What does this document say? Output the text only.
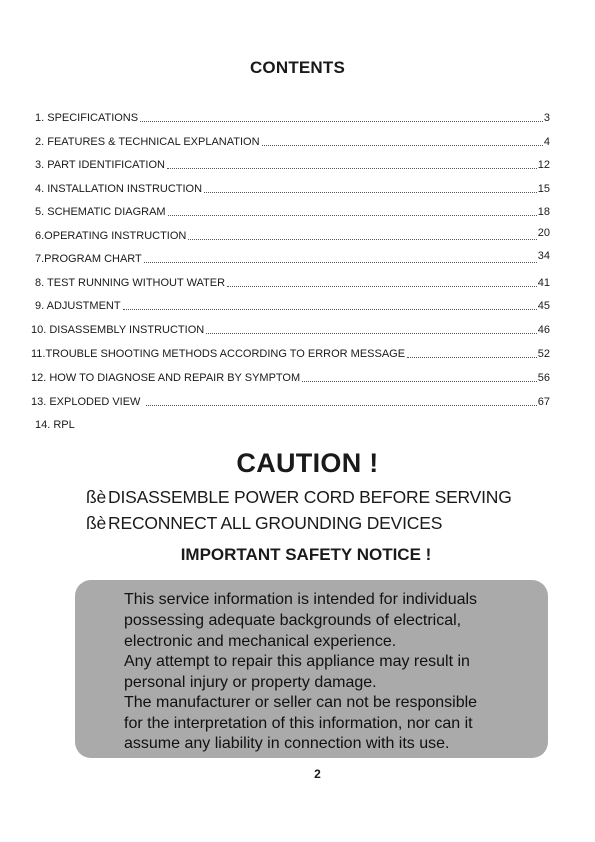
CONTENTS
1. SPECIFICATIONS	3
2. FEATURES & TECHNICAL EXPLANATION	4
3. PART IDENTIFICATION	12
4. INSTALLATION INSTRUCTION	15
5. SCHEMATIC DIAGRAM	18
6.OPERATING INSTRUCTION	20
7.PROGRAM CHART	34
8. TEST RUNNING WITHOUT WATER	41
9. ADJUSTMENT	45
10. DISASSEMBLY INSTRUCTION	46
11.TROUBLE SHOOTING METHODS ACCORDING TO ERROR MESSAGE	52
12. HOW TO DIAGNOSE AND REPAIR BY SYMPTOM	56
13. EXPLODED VIEW	67
14. RPL
CAUTION !
ßè DISASSEMBLE POWER CORD BEFORE SERVING
ßè RECONNECT ALL GROUNDING DEVICES
IMPORTANT SAFETY NOTICE !
This service information is intended for individuals
possessing adequate backgrounds of electrical,
electronic and mechanical experience.
Any attempt to repair this appliance may result in
personal injury or property damage.
The manufacturer or seller can not be responsible
for the interpretation of this information, nor can it
assume any liability in connection with its use.
2
